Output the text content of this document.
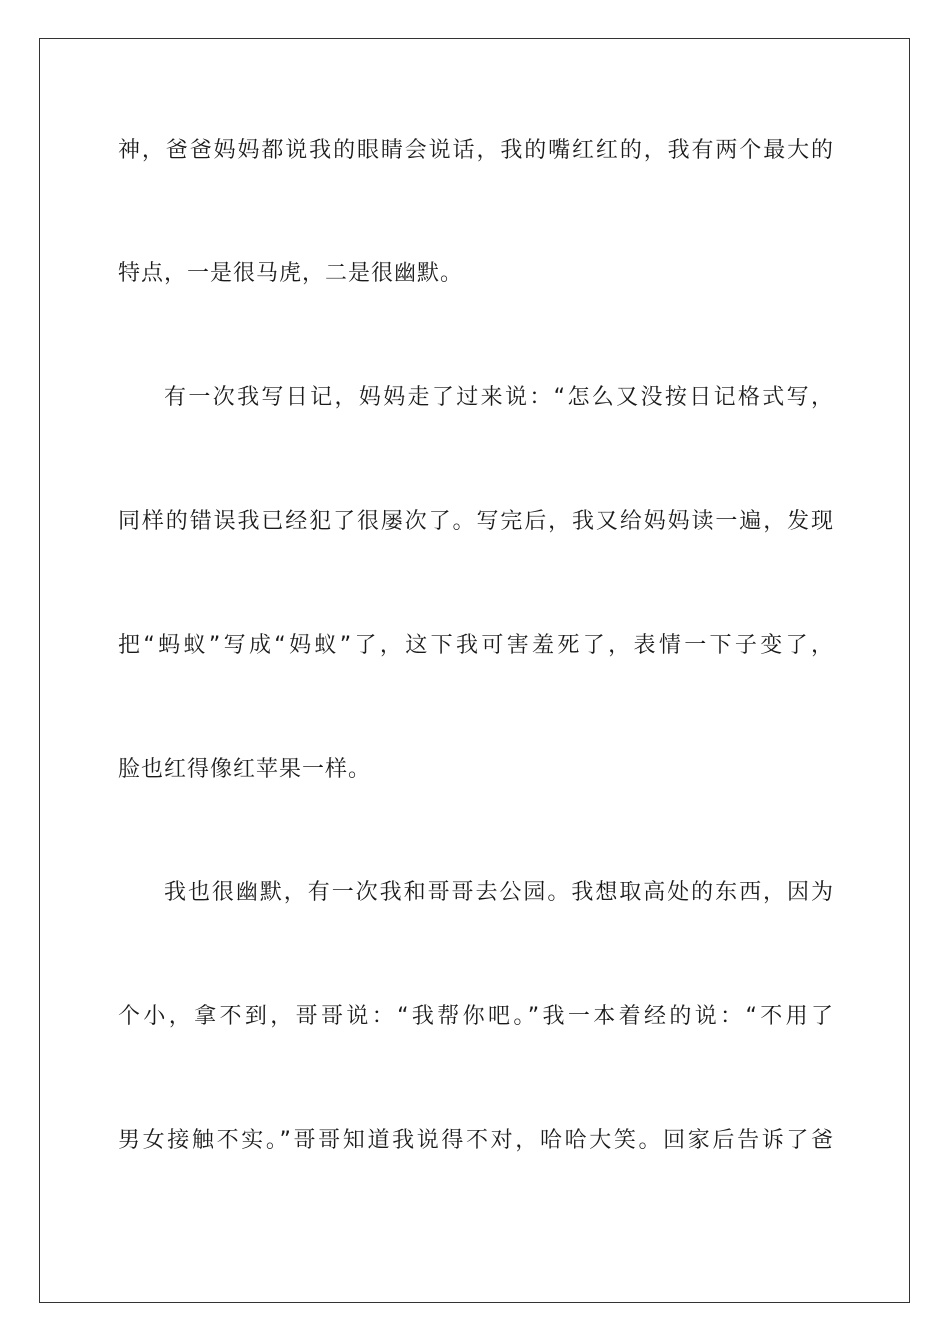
神，爸爸妈妈都说我的眼睛会说话，我的嘴红红的，我有两个最大的
特点，一是很马虎，二是很幽默。
有一次我写日记，妈妈走了过来说：“怎么又没按日记格式写，
同样的错误我已经犯了很屡次了。写完后，我又给妈妈读一遍，发现
把“蚂蚁”写成“妈蚁”了，这下我可害羞死了，表情一下子变了，
脸也红得像红苹果一样。
我也很幽默，有一次我和哥哥去公园。我想取高处的东西，因为
个小，拿不到，哥哥说：“我帮你吧。”我一本着经的说：“不用了
男女接触不实。”哥哥知道我说得不对，哈哈大笑。回家后告诉了爸
